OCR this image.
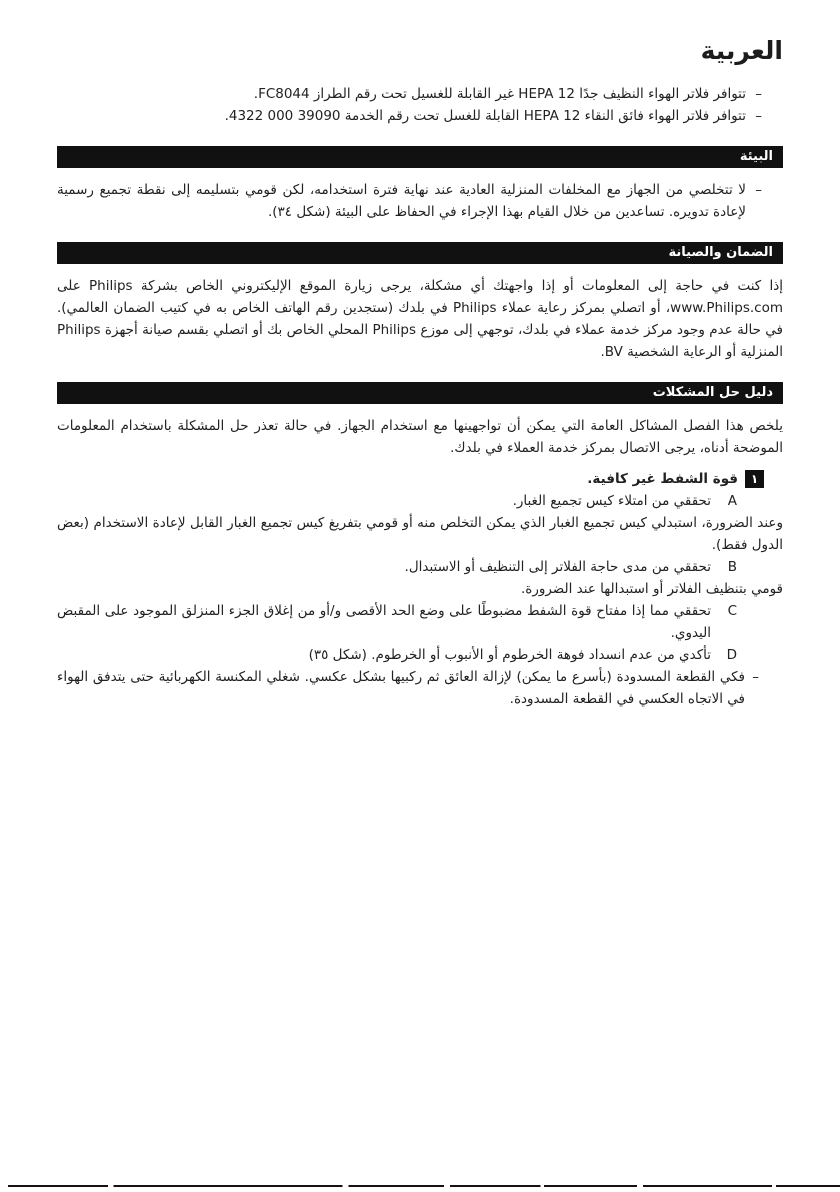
العربية
–
تتوافر فلاتر الهواء النظيف جدًا HEPA 12 غير القابلة للغسيل تحت رقم الطراز FC8044.
–
تتوافر فلاتر الهواء فائق النقاء HEPA 12 القابلة للغسل تحت رقم الخدمة ‎4322 000 39090.
البيئة
–
لا تتخلصي من الجهاز مع المخلفات المنزلية العادية عند نهاية فترة استخدامه، لكن قومي بتسليمه إلى نقطة تجميع رسمية لإعادة تدويره. تساعدين من خلال القيام بهذا الإجراء في الحفاظ على البيئة (شكل ٣٤).
الضمان والصيانة

إذا كنت في حاجة إلى المعلومات أو إذا واجهتك أي مشكلة، يرجى زيارة الموقع الإليكتروني الخاص بشركة Philips على www.Philips.com، أو اتصلي بمركز رعاية عملاء Philips في بلدك (ستجدين رقم الهاتف الخاص به في كتيب الضمان العالمي). في حالة عدم وجود مركز خدمة عملاء في بلدك، توجهي إلى موزع Philips المحلي الخاص بك أو اتصلي بقسم صيانة أجهزة Philips المنزلية أو الرعاية الشخصية BV.

دليل حل المشكلات

يلخص هذا الفصل المشاكل العامة التي يمكن أن تواجهينها مع استخدام الجهاز. في حالة تعذر حل المشكلة باستخدام المعلومات الموضحة أدناه، يرجى الاتصال بمركز خدمة العملاء في بلدك.

١
قوة الشفط غير كافية.
A
تحققي من امتلاء كيس تجميع الغبار.
وعند الضرورة، استبدلي كيس تجميع الغبار الذي يمكن التخلص منه أو قومي بتفريغ كيس تجميع الغبار القابل لإعادة الاستخدام (بعض الدول فقط).
B
تحققي من مدى حاجة الفلاتر إلى التنظيف أو الاستبدال.
قومي بتنظيف الفلاتر أو استبدالها عند الضرورة.
C
تحققي مما إذا مفتاح قوة الشفط مضبوطًا على وضع الحد الأقصى و/أو من إغلاق الجزء المنزلق الموجود على المقبض اليدوي.
D
تأكدي من عدم انسداد فوهة الخرطوم أو الأنبوب أو الخرطوم. (شكل ٣٥)
–
فكي القطعة المسدودة (بأسرع ما يمكن) لإزالة العائق ثم ركبيها بشكل عكسي. شغلي المكنسة الكهربائية حتى يتدفق الهواء في الاتجاه العكسي في القطعة المسدودة.
